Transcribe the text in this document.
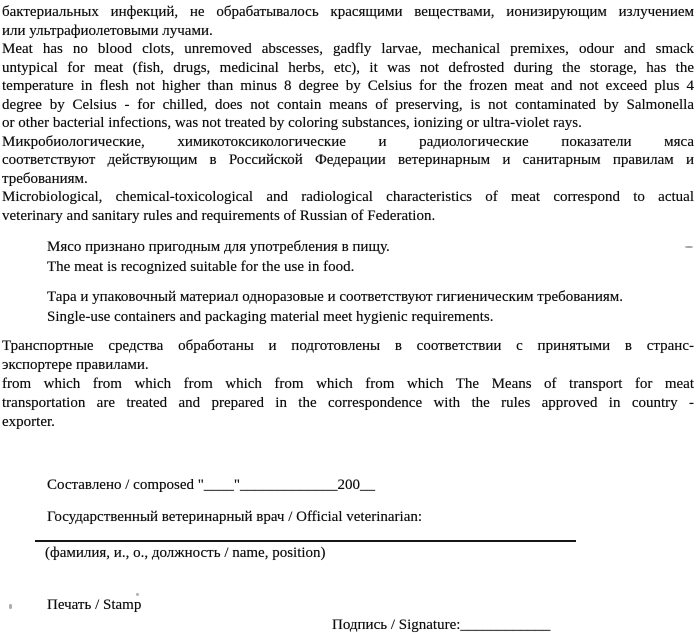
бактериальных инфекций, не обрабатывалось красящими веществами, ионизирующим излучением
или ультрафиолетовыми лучами.
Meat has no blood clots, unremoved abscesses, gadfly larvae, mechanical premixes, odour and smack
untypical for meat (fish, drugs, medicinal herbs, etc), it was not defrosted during the storage, has the
temperature in flesh not higher than minus 8 degree by Celsius for the frozen meat and not exceed plus 4
degree by Celsius - for chilled, does not contain means of preserving, is not contaminated by Salmonella
or other bacterial infections, was not treated by coloring substances, ionizing or ultra-violet rays.
Микробиологические, химикотоксикологические и радиологические показатели мяса
соответствуют действующим в Российской Федерации ветеринарным и санитарным правилам и
требованиям.
Microbiological, chemical-toxicological and radiological characteristics of meat correspond to actual
veterinary and sanitary rules and requirements of Russian of Federation.
Мясо признано пригодным для употребления в пищу.
The meat is recognized suitable for the use in food.
Тара и упаковочный материал одноразовые и соответствуют гигиеническим требованиям.
Single-use containers and packaging material meet hygienic requirements.
Транспортные средства обработаны и подготовлены в соответствии с принятыми в странс-
экспортере правилами.
from which from which from which from which from which The Means of transport for meat
transportation are treated and prepared in the correspondence with the rules approved in country -
exporter.
Составлено / composed "____"_____________200__
Государственный ветеринарный врач / Official veterinarian:
(фамилия, и., о., должность / name, position)
Печать / Stamp
Подпись / Signature:____________
